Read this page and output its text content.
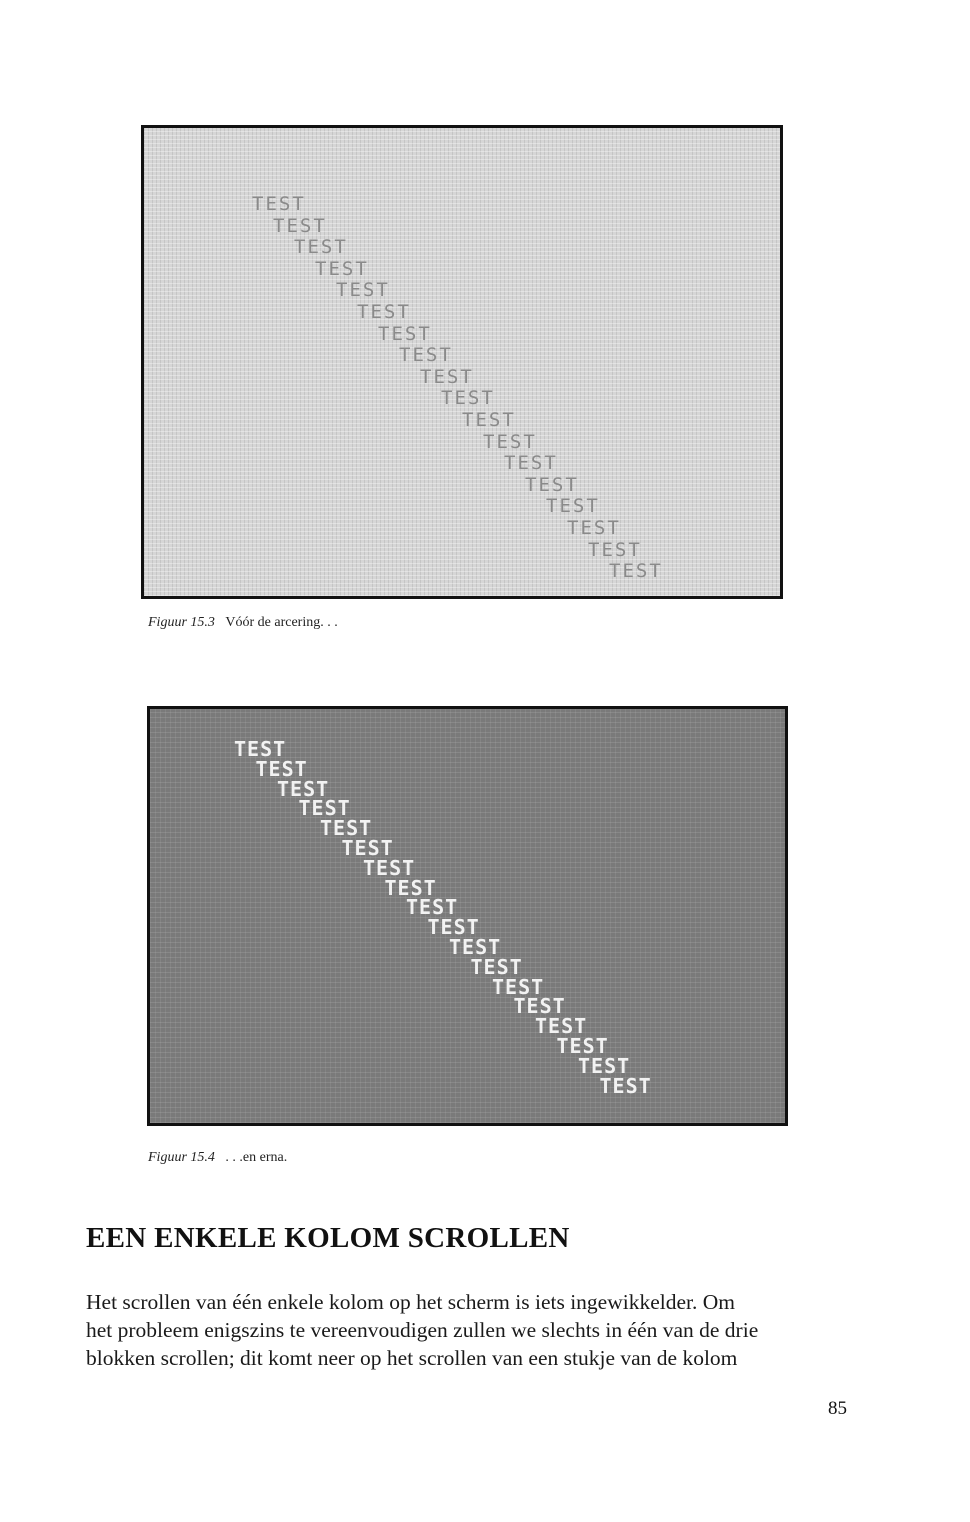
TEST
TEST
TEST
TEST
TEST
TEST
TEST
TEST
TEST
TEST
TEST
TEST
TEST
TEST
TEST
TEST
TEST
TEST
Figuur 15.3 Vóór de arcering. . .
TEST
TEST
TEST
TEST
TEST
TEST
TEST
TEST
TEST
TEST
TEST
TEST
TEST
TEST
TEST
TEST
TEST
TEST
Figuur 15.4 . . .en erna.
EEN ENKELE KOLOM SCROLLEN
Het scrollen van één enkele kolom op het scherm is iets ingewikkelder. Om
het probleem enigszins te vereenvoudigen zullen we slechts in één van de drie
blokken scrollen; dit komt neer op het scrollen van een stukje van de kolom
85
